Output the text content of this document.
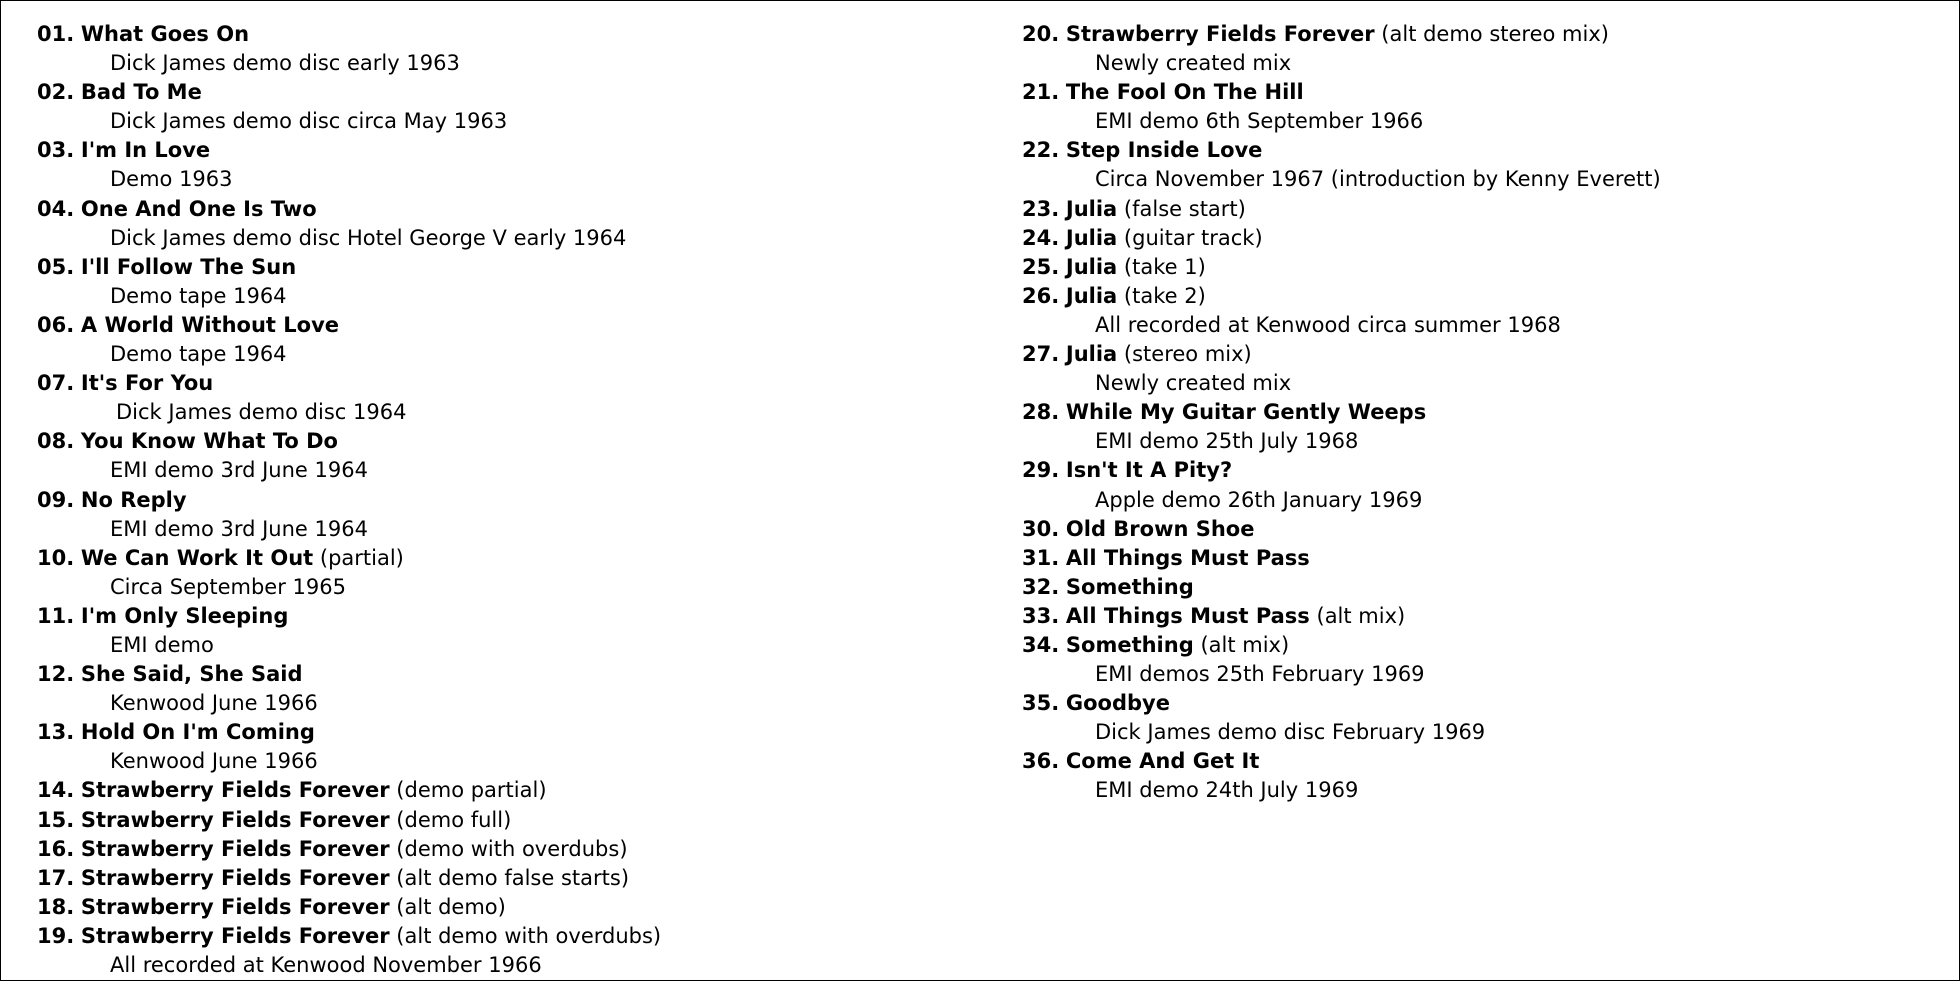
01. What Goes On
Dick James demo disc early 1963
02. Bad To Me
Dick James demo disc circa May 1963
03. I'm In Love
Demo 1963
04. One And One Is Two
Dick James demo disc Hotel George V early 1964
05. I'll Follow The Sun
Demo tape 1964
06. A World Without Love
Demo tape 1964
07. It's For You
Dick James demo disc 1964
08. You Know What To Do
EMI demo 3rd June 1964
09. No Reply
EMI demo 3rd June 1964
10. We Can Work It Out (partial)
Circa September 1965
11. I'm Only Sleeping
EMI demo
12. She Said, She Said
Kenwood June 1966
13. Hold On I'm Coming
Kenwood June 1966
14. Strawberry Fields Forever (demo partial)
15. Strawberry Fields Forever (demo full)
16. Strawberry Fields Forever (demo with overdubs)
17. Strawberry Fields Forever (alt demo false starts)
18. Strawberry Fields Forever (alt demo)
19. Strawberry Fields Forever (alt demo with overdubs)
All recorded at Kenwood November 1966
20. Strawberry Fields Forever (alt demo stereo mix)
Newly created mix
21. The Fool On The Hill
EMI demo 6th September 1966
22. Step Inside Love
Circa November 1967 (introduction by Kenny Everett)
23. Julia (false start)
24. Julia (guitar track)
25. Julia (take 1)
26. Julia (take 2)
All recorded at Kenwood circa summer 1968
27. Julia (stereo mix)
Newly created mix
28. While My Guitar Gently Weeps
EMI demo 25th July 1968
29. Isn't It A Pity?
Apple demo 26th January 1969
30. Old Brown Shoe
31. All Things Must Pass
32. Something
33. All Things Must Pass (alt mix)
34. Something (alt mix)
EMI demos 25th February 1969
35. Goodbye
Dick James demo disc February 1969
36. Come And Get It
EMI demo 24th July 1969
